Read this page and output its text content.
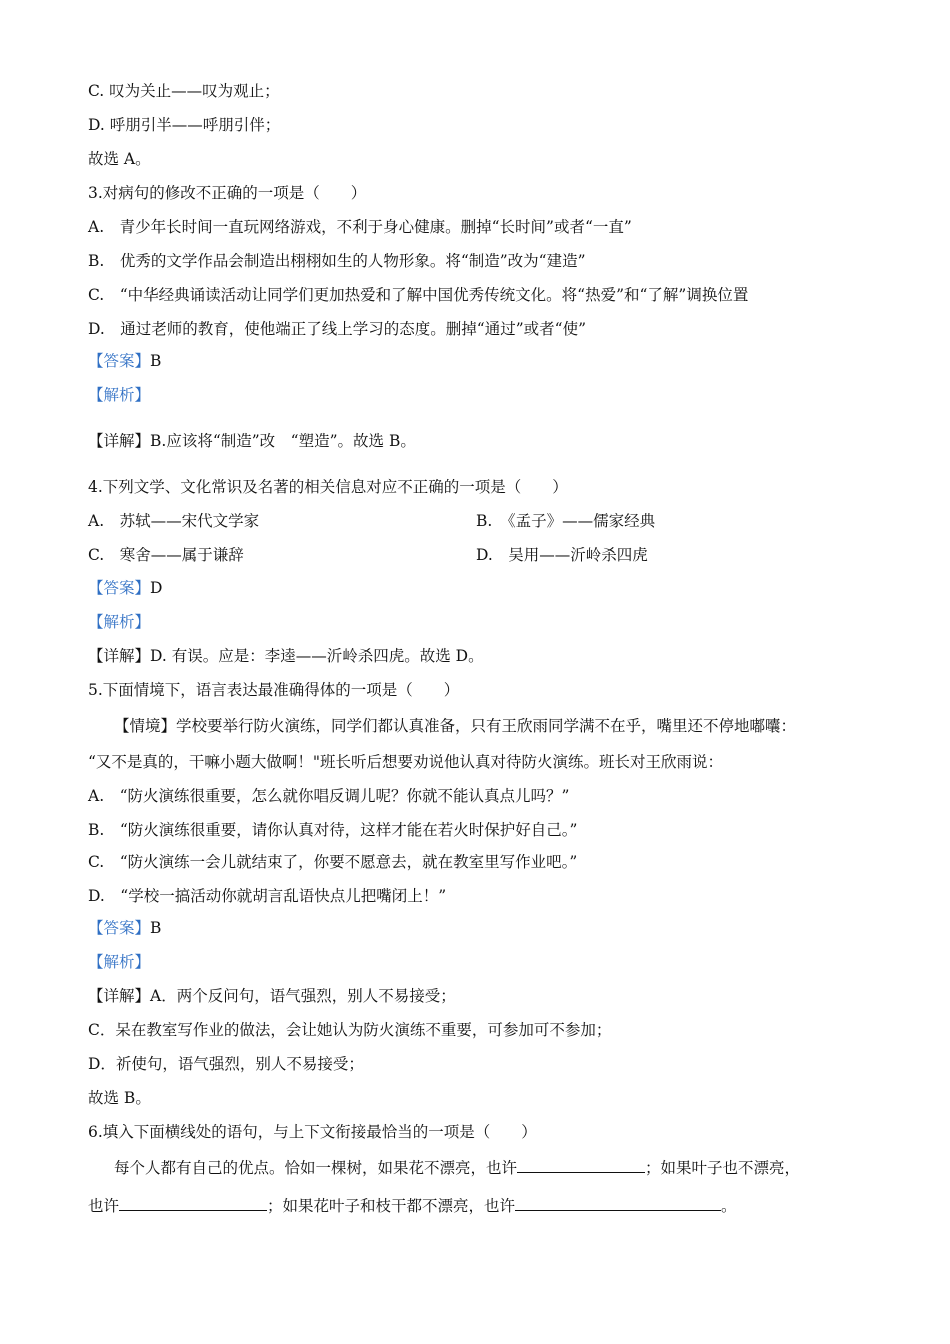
C. 叹为关止——叹为观止；
D. 呼朋引半——呼朋引伴；
故选 A。
3.对病句的修改不正确的一项是（　　）
A.　青少年长时间一直玩网络游戏，不利于身心健康。删掉“长时间”或者“一直”
B.　优秀的文学作品会制造出栩栩如生的人物形象。将“制造”改为“建造”
C.　“中华经典诵读活动让同学们更加热爱和了解中国优秀传统文化。将“热爱”和“了解”调换位置
D.　通过老师的教育，使他端正了线上学习的态度。删掉“通过”或者“使”
【答案】B
【解析】
【详解】B.应该将“制造”改　“塑造”。故选 B。
4.下列文学、文化常识及名著的相关信息对应不正确的一项是（　　）
A.　苏轼——宋代文学家	B.　《孟子》——儒家经典
C.　寒舍——属于谦辞	D.　吴用——沂岭杀四虎
【答案】D
【解析】
【详解】D. 有误。应是：李逵——沂岭杀四虎。故选 D。
5.下面情境下，语言表达最准确得体的一项是（　　）
【情境】学校要举行防火演练，同学们都认真准备，只有王欣雨同学满不在乎，嘴里还不停地嘟囔：
“又不是真的，干嘛小题大做啊！"班长听后想要劝说他认真对待防火演练。班长对王欣雨说：
A.　“防火演练很重要，怎么就你唱反调儿呢？你就不能认真点儿吗？”
B.　“防火演练很重要，请你认真对待，这样才能在若火时保护好自己。”
C.　“防火演练一会儿就结束了，你要不愿意去，就在教室里写作业吧。”
D.　“学校一搞活动你就胡言乱语快点儿把嘴闭上！”
【答案】B
【解析】
【详解】A．两个反问句，语气强烈，别人不易接受；
C．呆在教室写作业的做法，会让她认为防火演练不重要，可参加可不参加；
D．祈使句，语气强烈，别人不易接受；
故选 B。
6.填入下面横线处的语句，与上下文衔接最恰当的一项是（　　）
每个人都有自己的优点。恰如一棵树，如果花不漂亮，也许	；如果叶子也不漂亮，
也许	；如果花叶子和枝干都不漂亮，也许	。
